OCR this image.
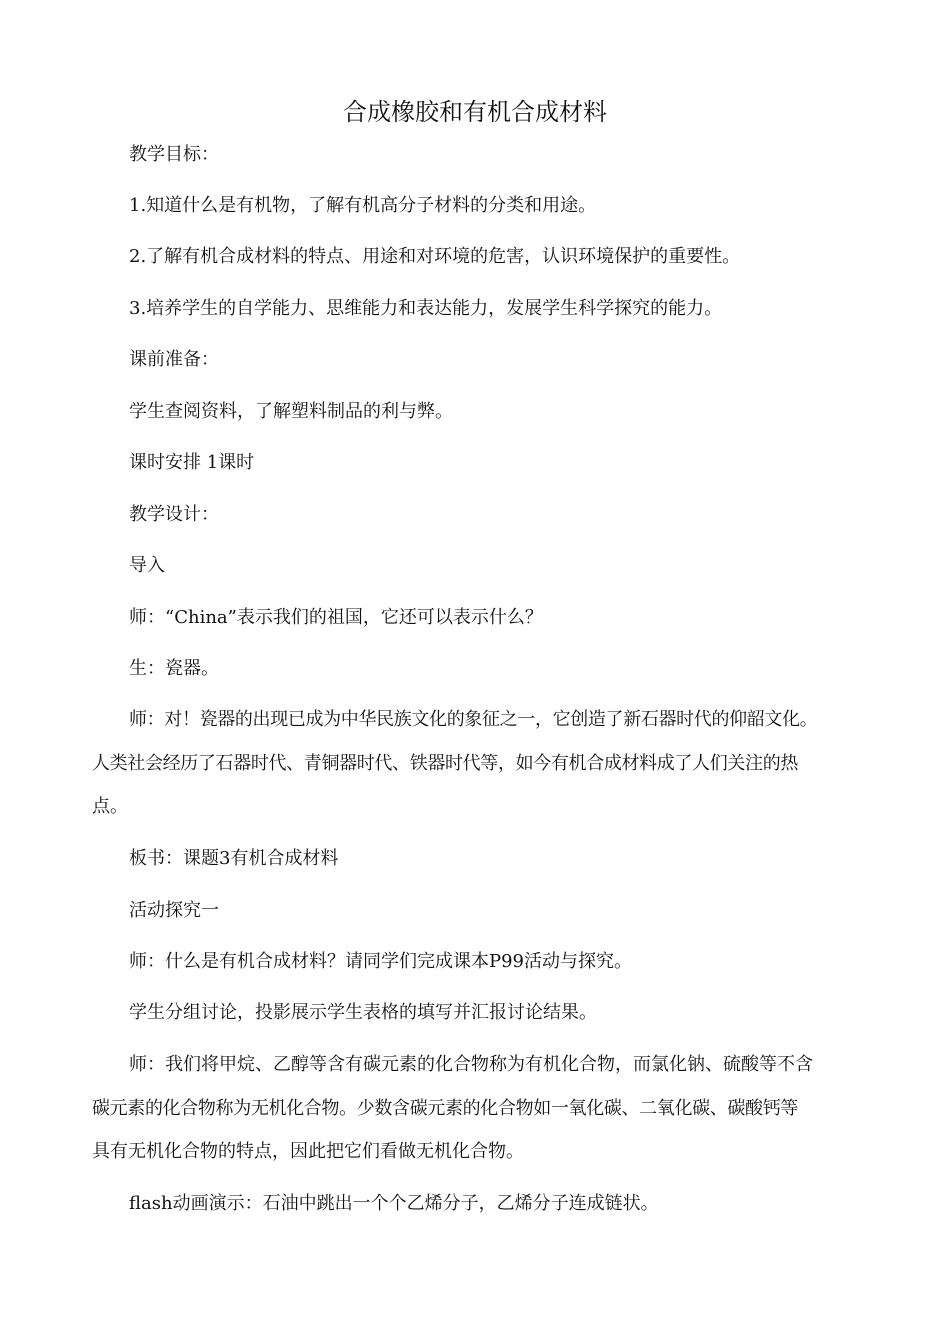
合成橡胶和有机合成材料
教学目标：
1.知道什么是有机物，了解有机高分子材料的分类和用途。
2.了解有机合成材料的特点、用途和对环境的危害，认识环境保护的重要性。
3.培养学生的自学能力、思维能力和表达能力，发展学生科学探究的能力。
课前准备：
学生查阅资料，了解塑料制品的利与弊。
课时安排 1课时
教学设计：
导入
师：“China”表示我们的祖国，它还可以表示什么？
生：瓷器。
师：对！瓷器的出现已成为中华民族文化的象征之一，它创造了新石器时代的仰韶文化。
人类社会经历了石器时代、青铜器时代、铁器时代等，如今有机合成材料成了人们关注的热
点。
板书：课题3有机合成材料
活动探究一
师：什么是有机合成材料？请同学们完成课本P99活动与探究。
学生分组讨论，投影展示学生表格的填写并汇报讨论结果。
师：我们将甲烷、乙醇等含有碳元素的化合物称为有机化合物，而氯化钠、硫酸等不含
碳元素的化合物称为无机化合物。少数含碳元素的化合物如一氧化碳、二氧化碳、碳酸钙等
具有无机化合物的特点，因此把它们看做无机化合物。
flash动画演示：石油中跳出一个个乙烯分子，乙烯分子连成链状。
